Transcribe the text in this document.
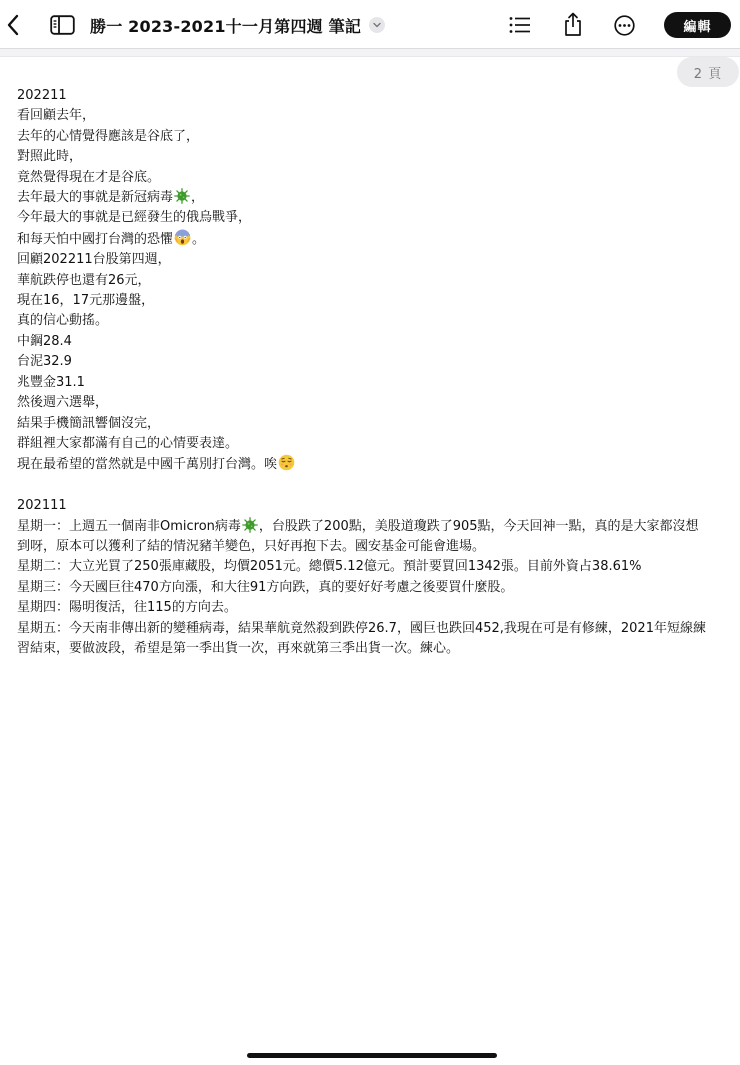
勝一 2023-2021十一月第四週 筆記	編輯
2 頁
202211
看回顧去年，
去年的心情覺得應該是谷底了，
對照此時，
竟然覺得現在才是谷底。
去年最大的事就是新冠病毒 ，
今年最大的事就是已經發生的俄烏戰爭，
和每天怕中國打台灣的恐懼 。
回顧202211台股第四週，
華航跌停也還有26元，
現在16，17元那邊盤，
真的信心動搖。
中鋼28.4
台泥32.9
兆豐金31.1
然後週六選舉，
結果手機簡訊響個沒完，
群組裡大家都滿有自己的心情要表達。
現在最希望的當然就是中國千萬別打台灣。唉
202111
星期一：上週五一個南非Omicron病毒 ，台股跌了200點，美股道瓊跌了905點，今天回神一點，真的是大家都沒想到呀，原本可以獲利了結的情況豬羊變色，只好再抱下去。國安基金可能會進場。
星期二：大立光買了250張庫藏股，均價2051元。總價5.12億元。預計要買回1342張。目前外資占38.61%
星期三：今天國巨往470方向漲，和大往91方向跌，真的要好好考慮之後要買什麼股。
星期四：陽明復活，往115的方向去。
星期五：今天南非傳出新的變種病毒，結果華航竟然殺到跌停26.7，國巨也跌回452,我現在可是有修練，2021年短線練習結束，要做波段，希望是第一季出貨一次，再來就第三季出貨一次。練心。
